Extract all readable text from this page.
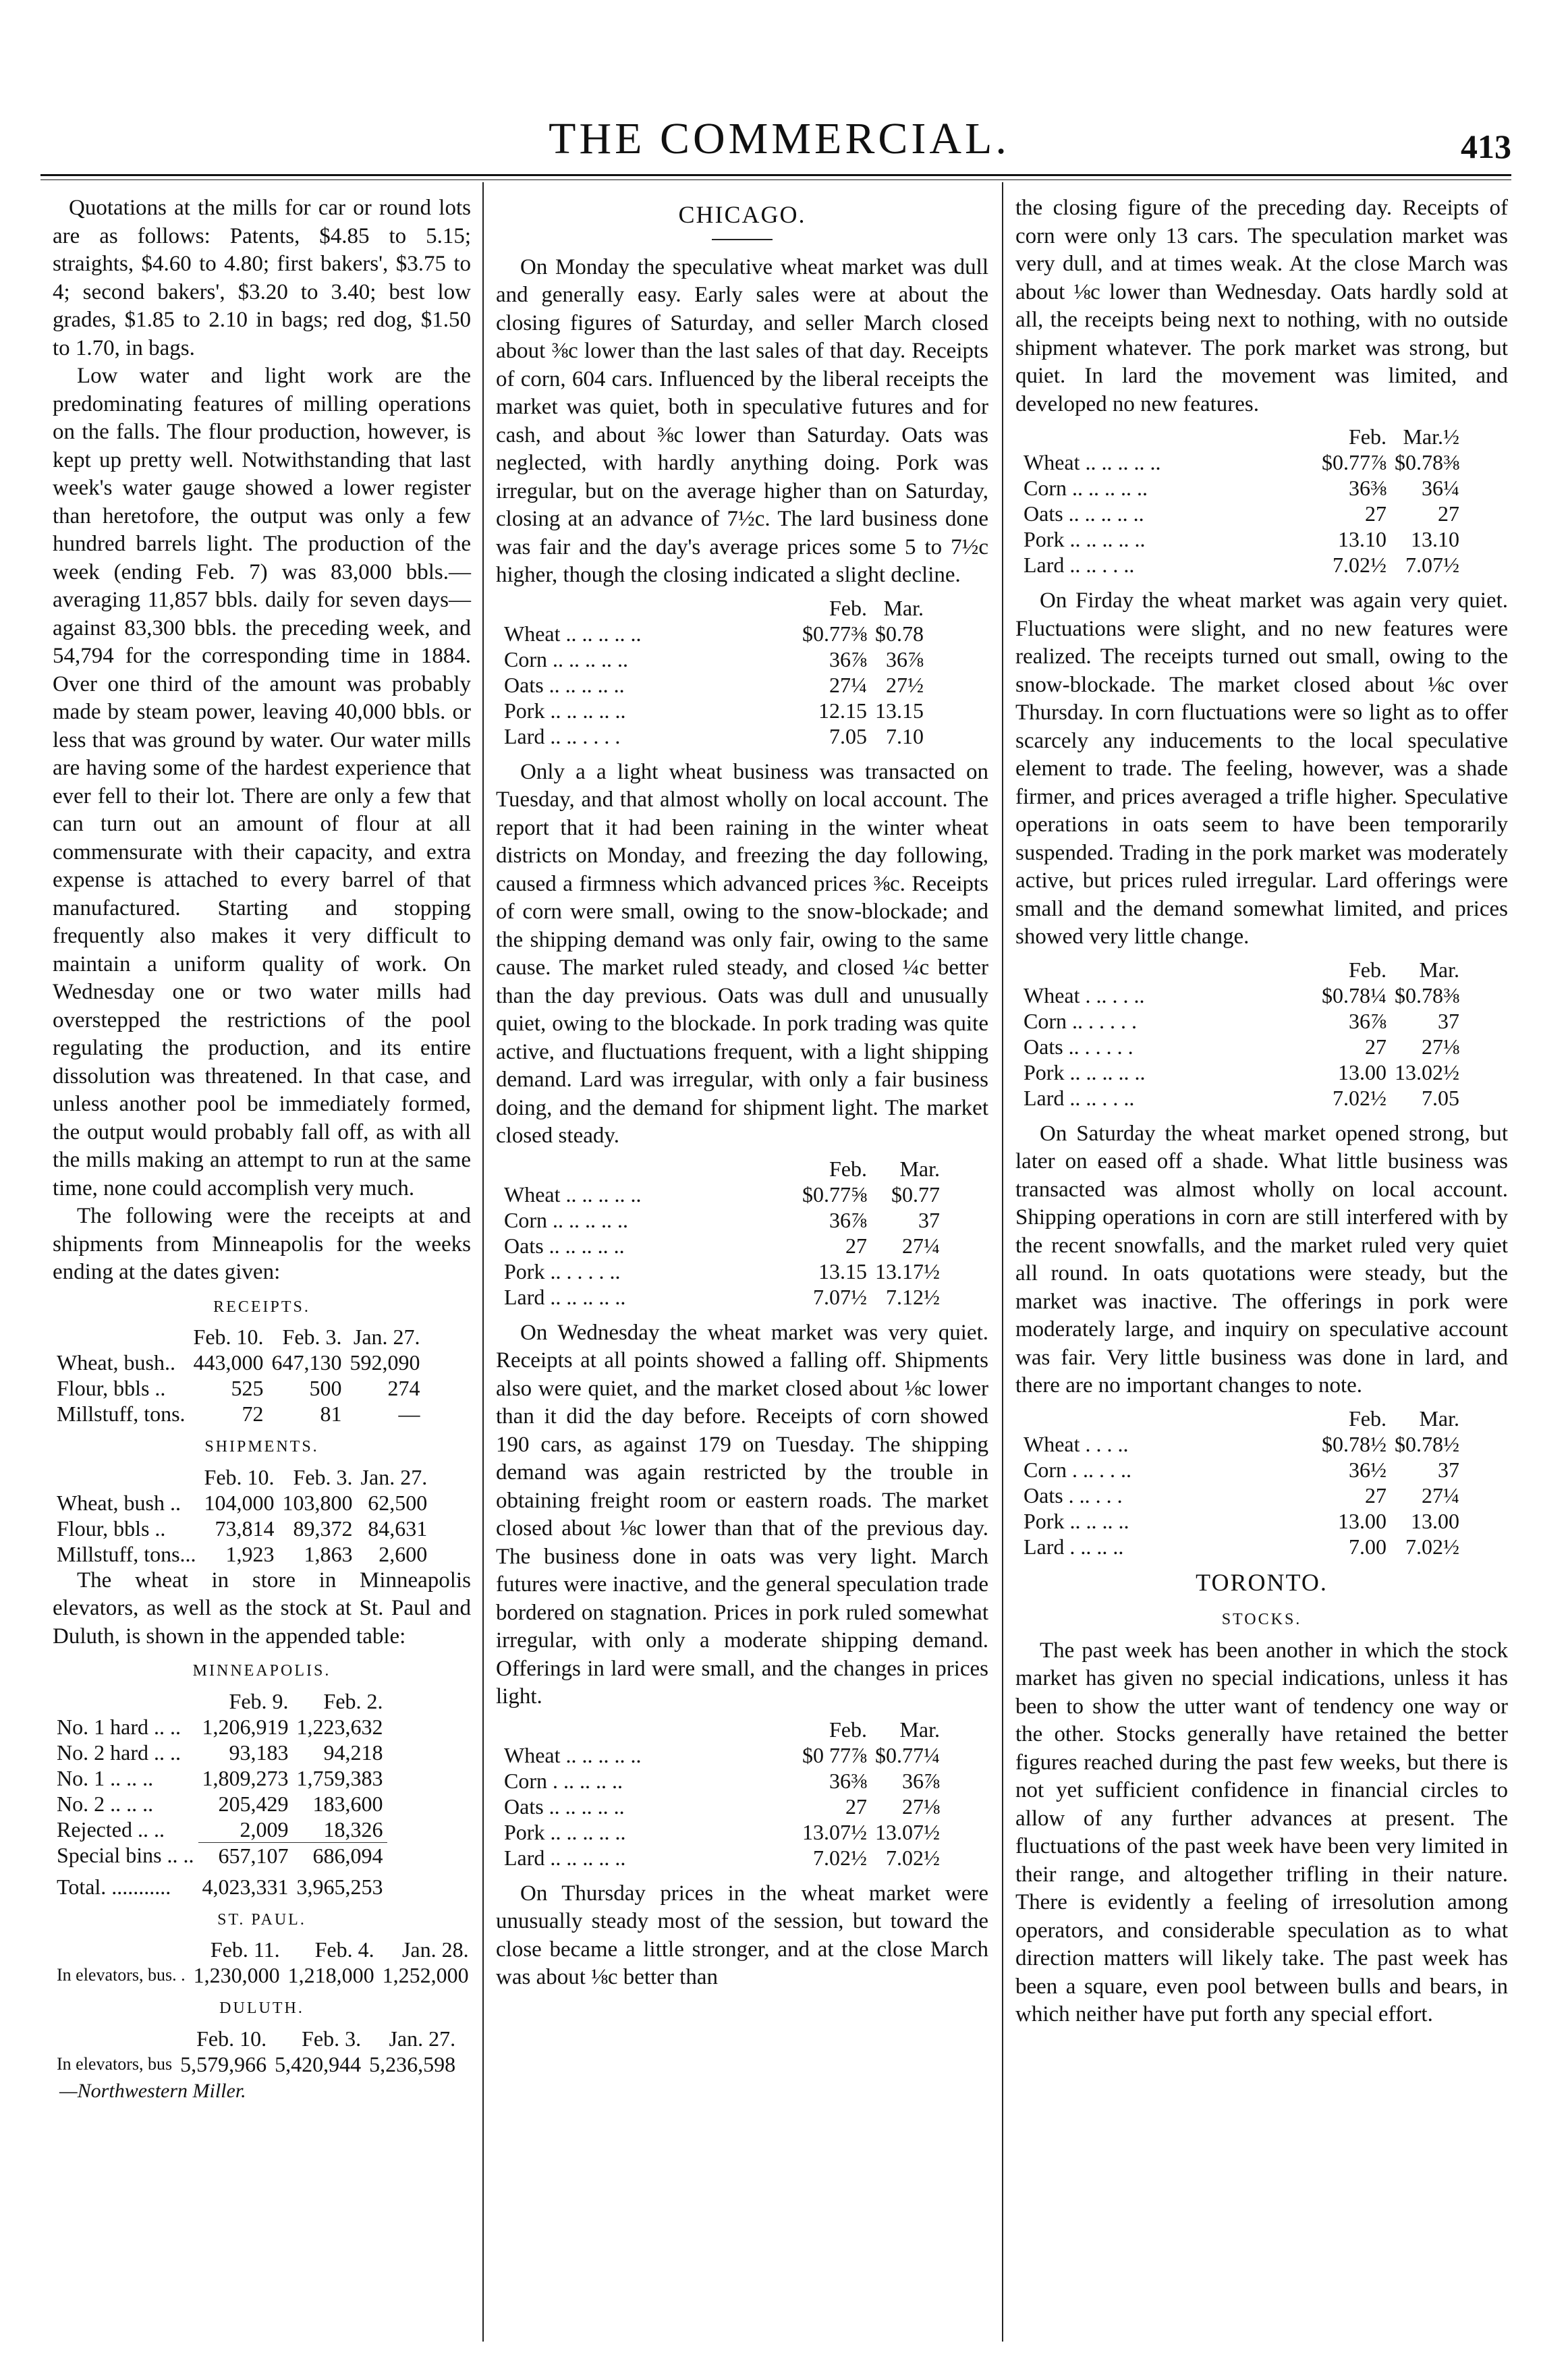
THE COMMERCIAL.	413

Quotations at the mills for car or round lots are as follows: Patents, $4.85 to 5.15; straights, $4.60 to 4.80; first bakers', $3.75 to 4; second bakers', $3.20 to 3.40; best low grades, $1.85 to 2.10 in bags; red dog, $1.50 to 1.70, in bags.

Low water and light work are the predominating features of milling operations on the falls. The flour production, however, is kept up pretty well. Notwithstanding that last week's water gauge showed a lower register than heretofore, the output was only a few hundred barrels light. The production of the week (ending Feb. 7) was 83,000 bbls.—averaging 11,857 bbls. daily for seven days—against 83,300 bbls. the preceding week, and 54,794 for the corresponding time in 1884. Over one third of the amount was probably made by steam power, leaving 40,000 bbls. or less that was ground by water. Our water mills are having some of the hardest experience that ever fell to their lot. There are only a few that can turn out an amount of flour at all commensurate with their capacity, and extra expense is attached to every barrel of that manufactured. Starting and stopping frequently also makes it very difficult to maintain a uniform quality of work. On Wednesday one or two water mills had overstepped the restrictions of the pool regulating the production, and its entire dissolution was threatened. In that case, and unless another pool be immediately formed, the output would probably fall off, as with all the mills making an attempt to run at the same time, none could accomplish very much.

The following were the receipts at and shipments from Minneapolis for the weeks ending at the dates given:

RECEIPTS.
	Feb. 10.	Feb. 3.	Jan. 27.
Wheat, bush..	443,000	647,130	592,090
Flour, bbls ..	525	500	274
Millstuff, tons.	72	81	—
SHIPMENTS.
	Feb. 10.	Feb. 3.	Jan. 27.
Wheat, bush ..	104,000	103,800	62,500
Flour, bbls ..	73,814	89,372	84,631
Millstuff, tons...	1,923	1,863	2,600

The wheat in store in Minneapolis elevators, as well as the stock at St. Paul and Duluth, is shown in the appended table:

MINNEAPOLIS.
	Feb. 9.	Feb. 2.
No. 1 hard .. ..	1,206,919	1,223,632
No. 2 hard .. ..	93,183	94,218
No. 1 .. .. ..	1,809,273	1,759,383
No. 2 .. .. ..	205,429	183,600
Rejected .. ..	2,009	18,326
Special bins .. ..	657,107	686,094
Total. ...........	4,023,331	3,965,253
ST. PAUL.
	Feb. 11.	Feb. 4.	Jan. 28.
In elevators, bus. .	1,230,000	1,218,000	1,252,000
DULUTH.
	Feb. 10.	Feb. 3.	Jan. 27.
In elevators, bus	5,579,966	5,420,944	5,236,598
—Northwestern Miller.
CHICAGO.

On Monday the speculative wheat market was dull and generally easy. Early sales were at about the closing figures of Saturday, and seller March closed about ⅜c lower than the last sales of that day. Receipts of corn, 604 cars. Influenced by the liberal receipts the market was quiet, both in speculative futures and for cash, and about ⅜c lower than Saturday. Oats was neglected, with hardly anything doing. Pork was irregular, but on the average higher than on Saturday, closing at an advance of 7½c. The lard business done was fair and the day's average prices some 5 to 7½c higher, though the closing indicated a slight decline.

	Feb.	Mar.
Wheat .. .. .. .. ..	$0.77⅜	$0.78
Corn .. .. .. .. ..	36⅞	36⅞
Oats .. .. .. .. ..	27¼	27½
Pork .. .. .. .. ..	12.15	13.15
Lard .. .. . . . .	7.05	7.10

Only a a light wheat business was transacted on Tuesday, and that almost wholly on local account. The report that it had been raining in the winter wheat districts on Monday, and freezing the day following, caused a firmness which advanced prices ⅜c. Receipts of corn were small, owing to the snow-blockade; and the shipping demand was only fair, owing to the same cause. The market ruled steady, and closed ¼c better than the day previous. Oats was dull and unusually quiet, owing to the blockade. In pork trading was quite active, and fluctuations frequent, with a light shipping demand. Lard was irregular, with only a fair business doing, and the demand for shipment light. The market closed steady.

	Feb.	Mar.
Wheat .. .. .. .. ..	$0.77⅝	$0.77
Corn .. .. .. .. ..	36⅞	37
Oats .. .. .. .. ..	27	27¼
Pork .. . . . . ..	13.15	13.17½
Lard .. .. .. .. ..	7.07½	7.12½

On Wednesday the wheat market was very quiet. Receipts at all points showed a falling off. Shipments also were quiet, and the market closed about ⅛c lower than it did the day before. Receipts of corn showed 190 cars, as against 179 on Tuesday. The shipping demand was again restricted by the trouble in obtaining freight room or eastern roads. The market closed about ⅛c lower than that of the previous day. The business done in oats was very light. March futures were inactive, and the general speculation trade bordered on stagnation. Prices in pork ruled somewhat irregular, with only a moderate shipping demand. Offerings in lard were small, and the changes in prices light.

	Feb.	Mar.
Wheat .. .. .. .. ..	$0 77⅞	$0.77¼
Corn . .. .. .. ..	36⅜	36⅞
Oats .. .. .. .. ..	27	27⅛
Pork .. .. .. .. ..	13.07½	13.07½
Lard .. .. .. .. ..	7.02½	7.02½

On Thursday prices in the wheat market were unusually steady most of the session, but toward the close became a little stronger, and at the close March was about ⅛c better than

the closing figure of the preceding day. Receipts of corn were only 13 cars. The speculation market was very dull, and at times weak. At the close March was about ⅛c lower than Wednesday. Oats hardly sold at all, the receipts being next to nothing, with no outside shipment whatever. The pork market was strong, but quiet. In lard the movement was limited, and developed no new features.

	Feb.	Mar.½
Wheat .. .. .. .. ..	$0.77⅞	$0.78⅜
Corn .. .. .. .. ..	36⅜	36¼
Oats .. .. .. .. ..	27	27
Pork .. .. .. .. ..	13.10	13.10
Lard .. .. . . ..	7.02½	7.07½

On Firday the wheat market was again very quiet. Fluctuations were slight, and no new features were realized. The receipts turned out small, owing to the snow-blockade. The market closed about ⅛c over Thursday. In corn fluctuations were so light as to offer scarcely any inducements to the local speculative element to trade. The feeling, however, was a shade firmer, and prices averaged a trifle higher. Speculative operations in oats seem to have been temporarily suspended. Trading in the pork market was moderately active, but prices ruled irregular. Lard offerings were small and the demand somewhat limited, and prices showed very little change.

	Feb.	Mar.
Wheat . .. . . ..	$0.78¼	$0.78⅜
Corn .. . . . . .	36⅞	37
Oats .. . . . . .	27	27⅛
Pork .. .. .. .. ..	13.00	13.02½
Lard .. .. . . ..	7.02½	7.05

On Saturday the wheat market opened strong, but later on eased off a shade. What little business was transacted was almost wholly on local account. Shipping operations in corn are still interfered with by the recent snowfalls, and the market ruled very quiet all round. In oats quotations were steady, but the market was inactive. The offerings in pork were moderately large, and inquiry on speculative account was fair. Very little business was done in lard, and there are no important changes to note.

	Feb.	Mar.
Wheat . . . ..	$0.78½	$0.78½
Corn . .. . . ..	36½	37
Oats . .. . . .	27	27¼
Pork .. .. .. ..	13.00	13.00
Lard . .. .. ..	7.00	7.02½
TORONTO.
STOCKS.

The past week has been another in which the stock market has given no special indications, unless it has been to show the utter want of tendency one way or the other. Stocks generally have retained the better figures reached during the past few weeks, but there is not yet sufficient confidence in financial circles to allow of any further advances at present. The fluctuations of the past week have been very limited in their range, and altogether trifling in their nature. There is evidently a feeling of irresolution among operators, and considerable speculation as to what direction matters will likely take. The past week has been a square, even pool between bulls and bears, in which neither have put forth any special effort.
